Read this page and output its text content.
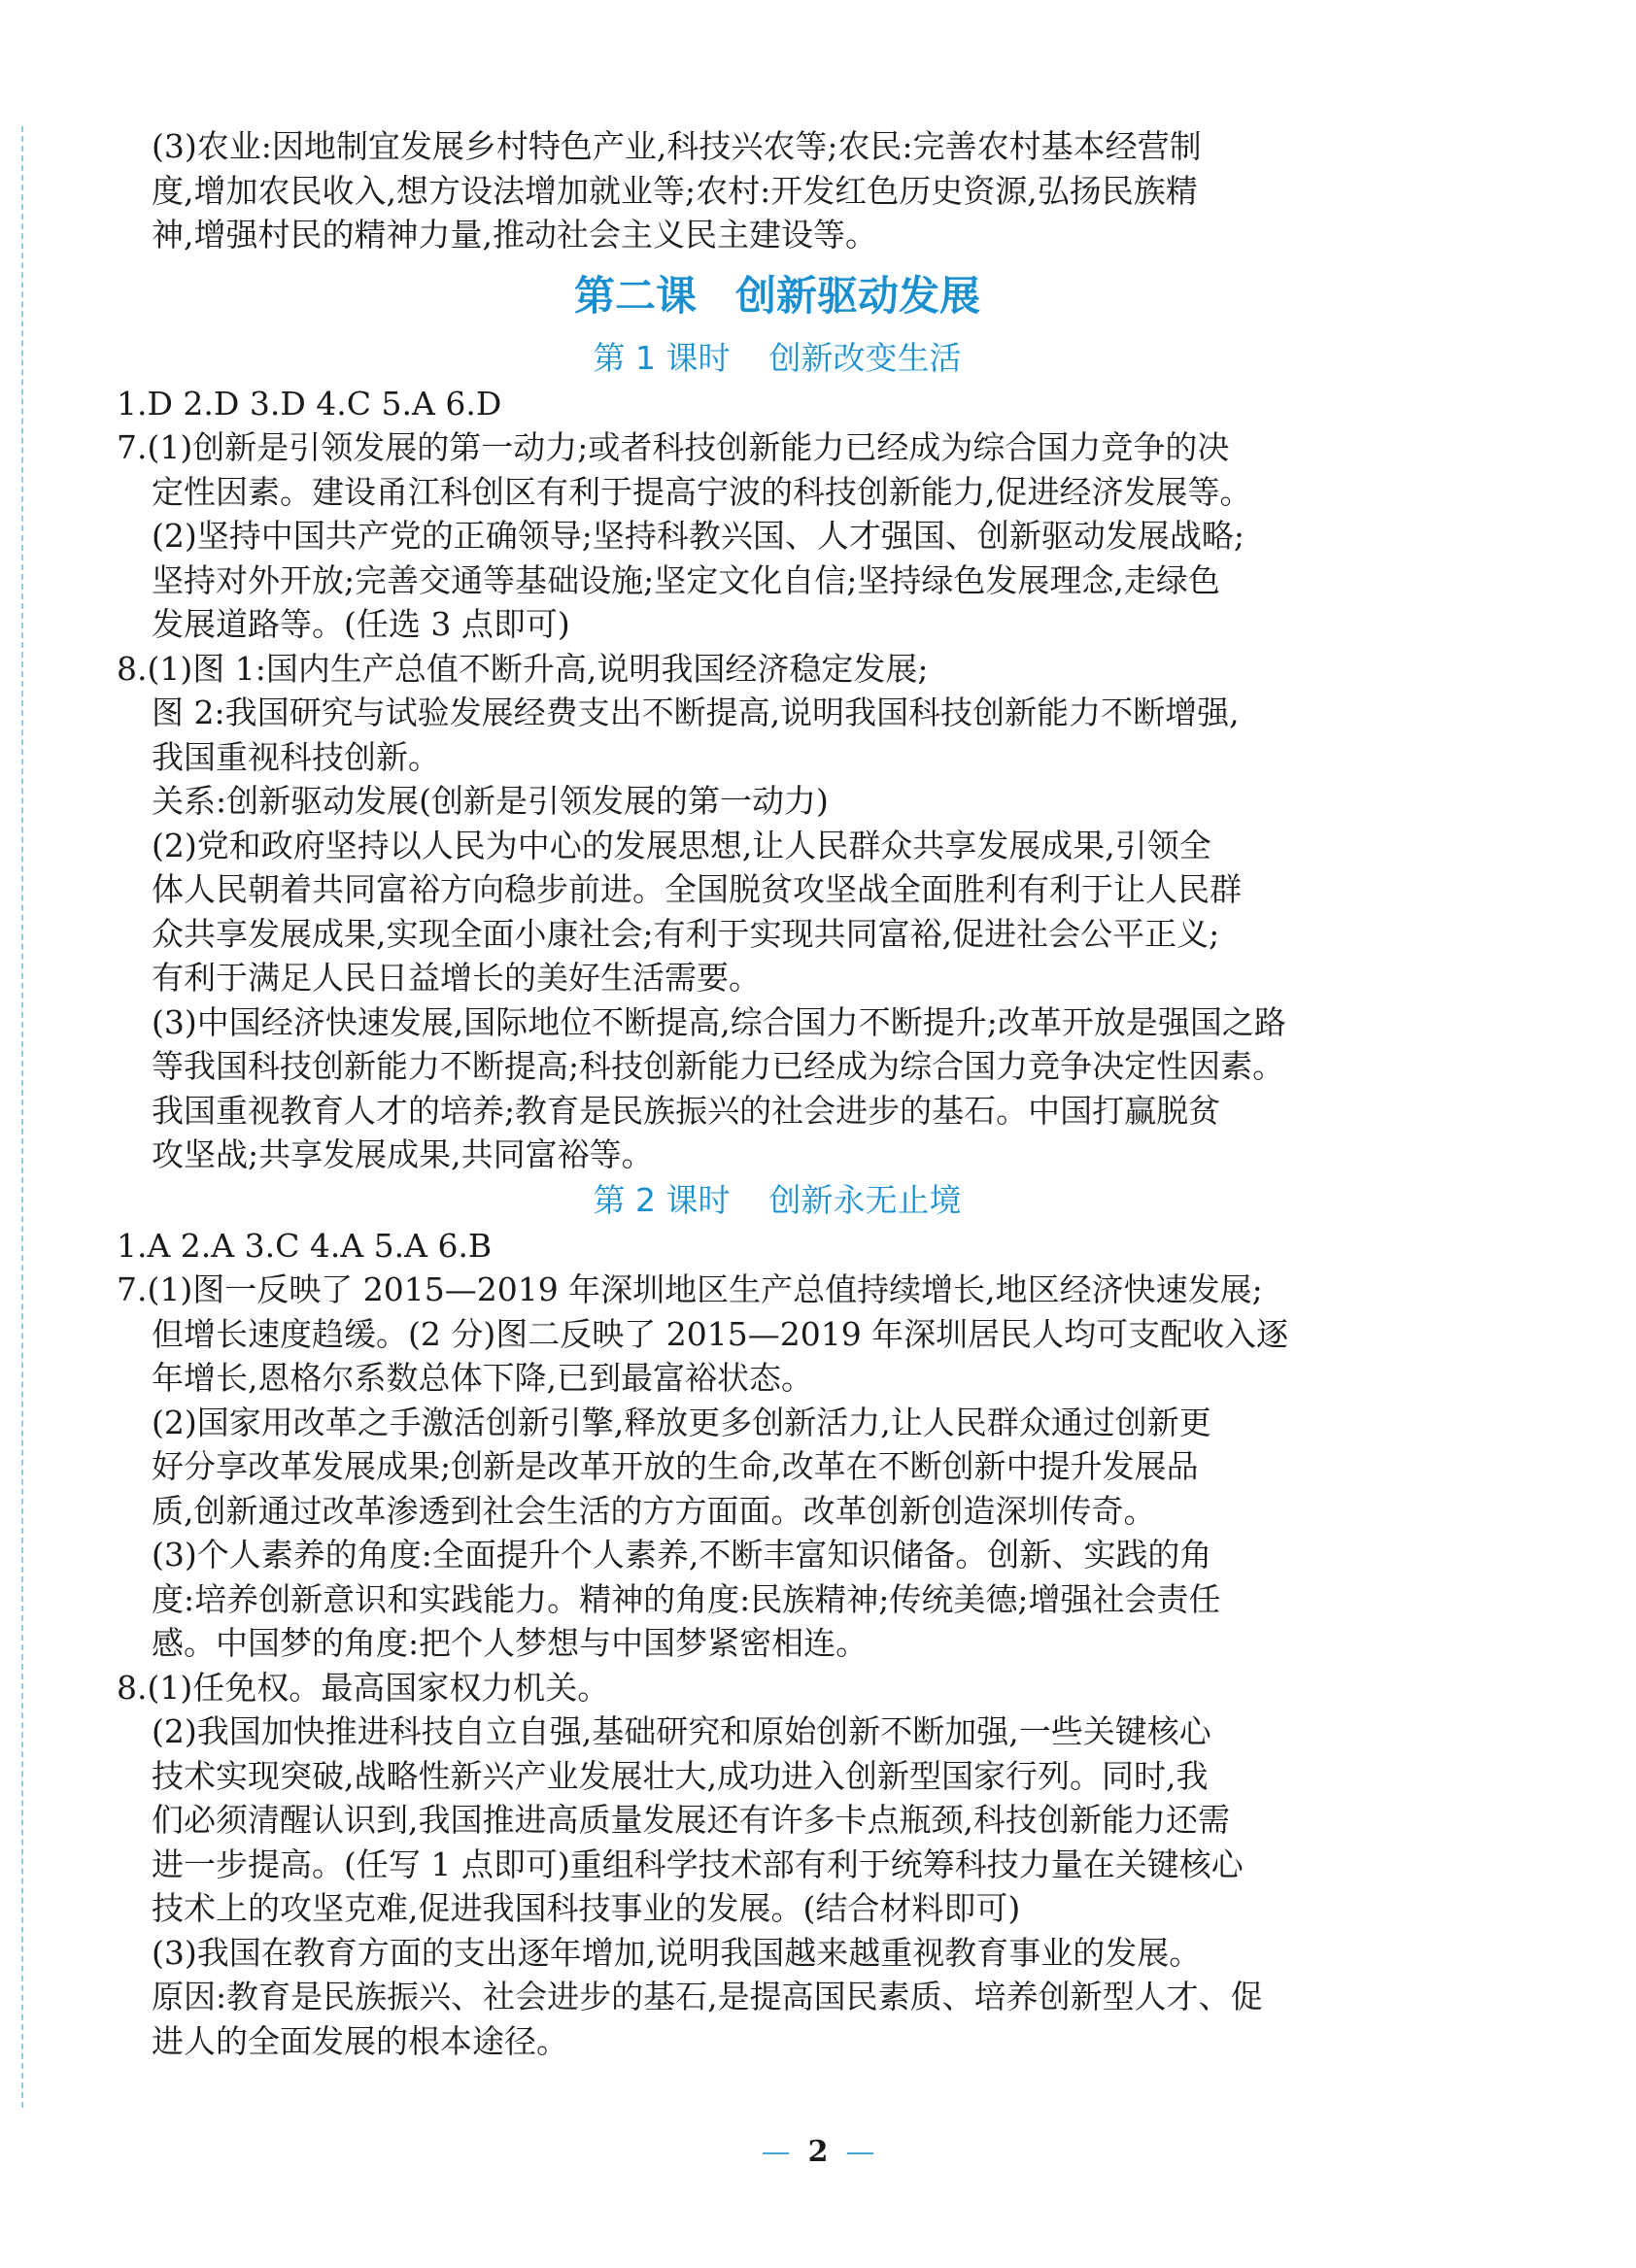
(3)农业:因地制宜发展乡村特色产业,科技兴农等;农民:完善农村基本经营制
度,增加农民收入,想方设法增加就业等;农村:开发红色历史资源,弘扬民族精
神,增强村民的精神力量,推动社会主义民主建设等。
第二课 创新驱动发展
第 1 课时 创新改变生活
1.D 2.D 3.D 4.C 5.A 6.D
7.(1)创新是引领发展的第一动力;或者科技创新能力已经成为综合国力竞争的决
定性因素。建设甬江科创区有利于提高宁波的科技创新能力,促进经济发展等。
(2)坚持中国共产党的正确领导;坚持科教兴国、人才强国、创新驱动发展战略;
坚持对外开放;完善交通等基础设施;坚定文化自信;坚持绿色发展理念,走绿色
发展道路等。(任选 3 点即可)
8.(1)图 1:国内生产总值不断升高,说明我国经济稳定发展;
图 2:我国研究与试验发展经费支出不断提高,说明我国科技创新能力不断增强,
我国重视科技创新。
关系:创新驱动发展(创新是引领发展的第一动力)
(2)党和政府坚持以人民为中心的发展思想,让人民群众共享发展成果,引领全
体人民朝着共同富裕方向稳步前进。全国脱贫攻坚战全面胜利有利于让人民群
众共享发展成果,实现全面小康社会;有利于实现共同富裕,促进社会公平正义;
有利于满足人民日益增长的美好生活需要。
(3)中国经济快速发展,国际地位不断提高,综合国力不断提升;改革开放是强国之路
等我国科技创新能力不断提高;科技创新能力已经成为综合国力竞争决定性因素。
我国重视教育人才的培养;教育是民族振兴的社会进步的基石。中国打赢脱贫
攻坚战;共享发展成果,共同富裕等。
第 2 课时 创新永无止境
1.A 2.A 3.C 4.A 5.A 6.B
7.(1)图一反映了 2015—2019 年深圳地区生产总值持续增长,地区经济快速发展;
但增长速度趋缓。(2 分)图二反映了 2015—2019 年深圳居民人均可支配收入逐
年增长,恩格尔系数总体下降,已到最富裕状态。
(2)国家用改革之手激活创新引擎,释放更多创新活力,让人民群众通过创新更
好分享改革发展成果;创新是改革开放的生命,改革在不断创新中提升发展品
质,创新通过改革渗透到社会生活的方方面面。改革创新创造深圳传奇。
(3)个人素养的角度:全面提升个人素养,不断丰富知识储备。创新、实践的角
度:培养创新意识和实践能力。精神的角度:民族精神;传统美德;增强社会责任
感。中国梦的角度:把个人梦想与中国梦紧密相连。
8.(1)任免权。最高国家权力机关。
(2)我国加快推进科技自立自强,基础研究和原始创新不断加强,一些关键核心
技术实现突破,战略性新兴产业发展壮大,成功进入创新型国家行列。同时,我
们必须清醒认识到,我国推进高质量发展还有许多卡点瓶颈,科技创新能力还需
进一步提高。(任写 1 点即可)重组科学技术部有利于统筹科技力量在关键核心
技术上的攻坚克难,促进我国科技事业的发展。(结合材料即可)
(3)我国在教育方面的支出逐年增加,说明我国越来越重视教育事业的发展。
原因:教育是民族振兴、社会进步的基石,是提高国民素质、培养创新型人才、促
进人的全面发展的根本途径。
— 2 —
